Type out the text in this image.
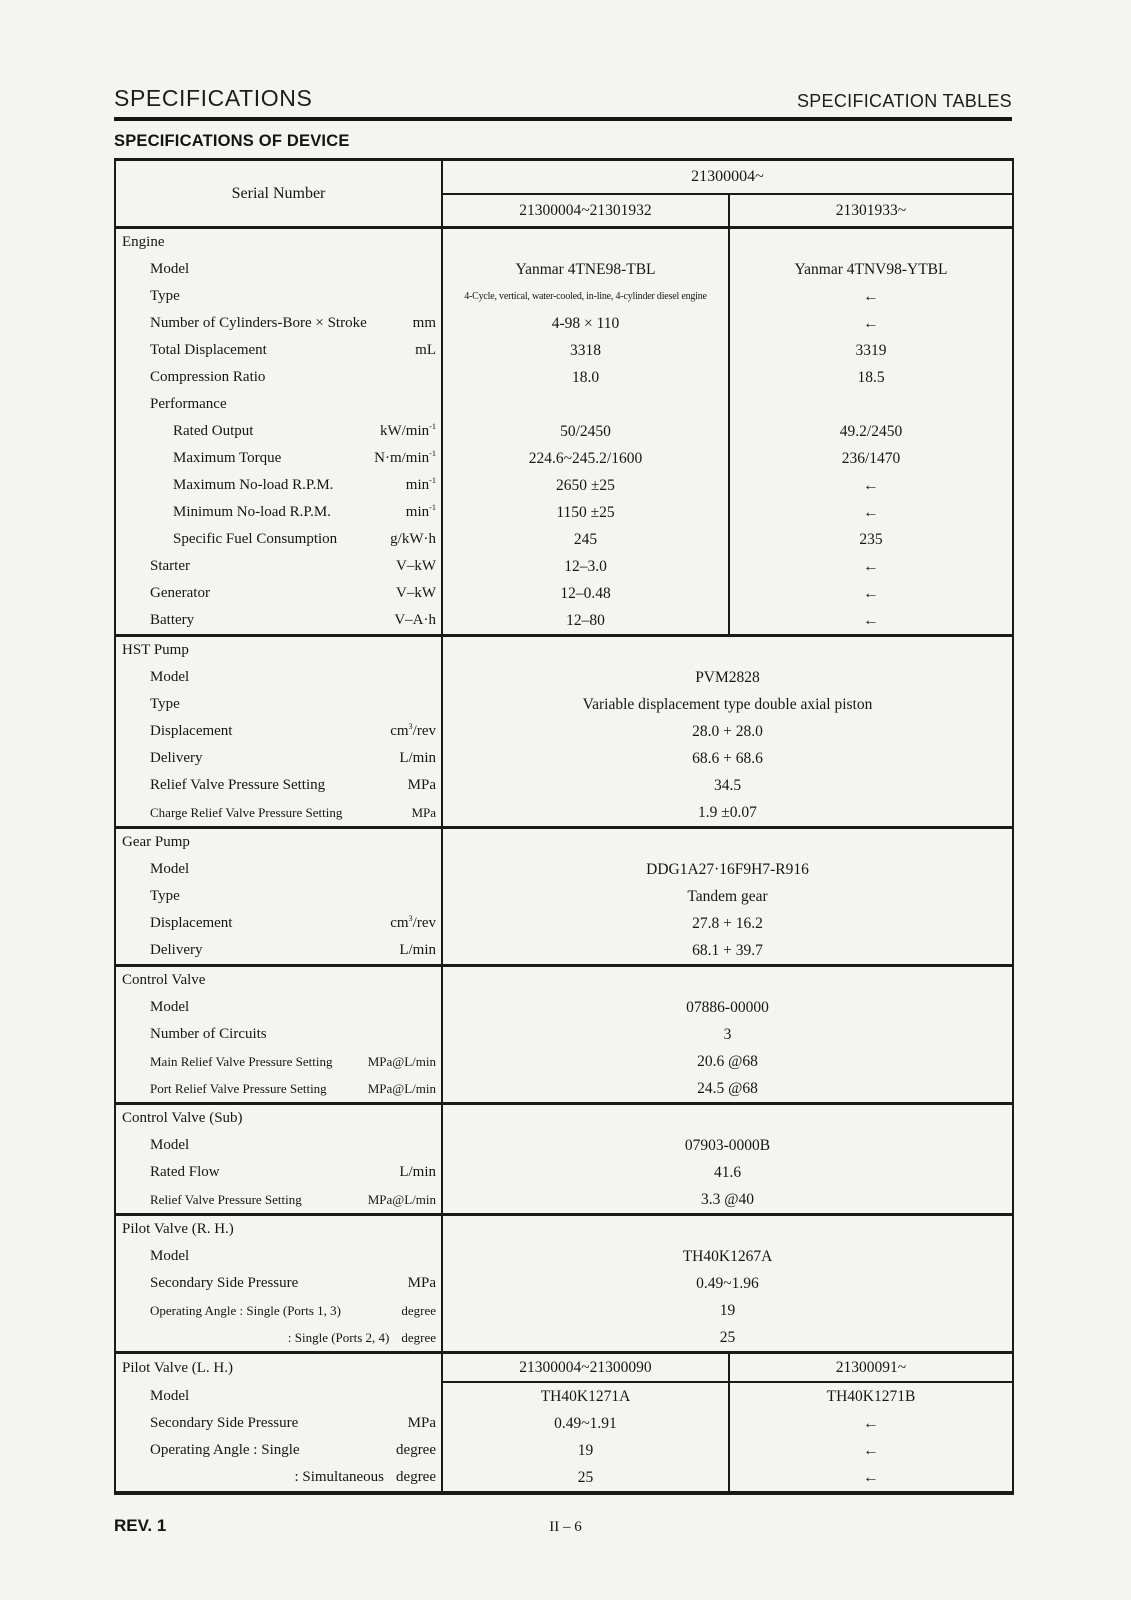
SPECIFICATIONS	SPECIFICATION TABLES
SPECIFICATIONS OF DEVICE
Serial Number	21300004~	
	21300004~21301932	21301933~

Engine		

Model	Yanmar 4TNE98-TBL	Yanmar 4TNV98-YTBL

Type	4-Cycle, vertical, water-cooled, in-line, 4-cylinder diesel engine	←

Number of Cylinders-Bore × Stroke mm	4-98 × 110	←

Total Displacement mL	3318	3319

Compression Ratio	18.0	18.5

Performance		

Rated Output $kW/\min^{-1}$	50/2450	49.2/2450

Maximum Torque $N\cdot m/\min^{-1}$	224.6~245.2/1600	236/1470

Maximum No-load R.P.M. $\min^{-1}$	2650 ±25	←

Minimum No-load R.P.M. $\min^{-1}$	1150 ±25	←

Specific Fuel Consumption g/kW·h	245	235

Starter V–kW	12–3.0	←

Generator V–kW	12–0.48	←

Battery V–A·h	12–80	←

HST Pump		

Model	PVM2828	

Type	Variable displacement type double axial piston	

Displacement $cm^3$/rev	28.0 + 28.0	

Delivery L/min	68.6 + 68.6	

Relief Valve Pressure Setting MPa	34.5	

Charge Relief Valve Pressure Setting MPa	1.9 ±0.07	

Gear Pump		

Model	DDG1A27·16F9H7-R916	

Type	Tandem gear	

Displacement $cm^3$/rev	27.8 + 16.2	

Delivery L/min	68.1 + 39.7	

Control Valve		

Model	07886-00000	

Number of Circuits	3	

Main Relief Valve Pressure Setting MPa@L/min	20.6 @68	

Port Relief Valve Pressure Setting MPa@L/min	24.5 @68	

Control Valve (Sub)		

Model	07903-0000B	

Rated Flow L/min	41.6	

Relief Valve Pressure Setting MPa@L/min	3.3 @40	

Pilot Valve (R. H.)		

Model	TH40K1267A	

Secondary Side Pressure MPa	0.49~1.96	

Operating Angle : Single (Ports 1, 3) degree	19	

: Single (Ports 2, 4) degree	25	

Pilot Valve (L. H.)	21300004~21300090	21300091~

Model	TH40K1271A	TH40K1271B

Secondary Side Pressure MPa	0.49~1.91	←

Operating Angle : Single degree	19	←

: Simultaneous degree	25	←
REV. 1	II – 6
